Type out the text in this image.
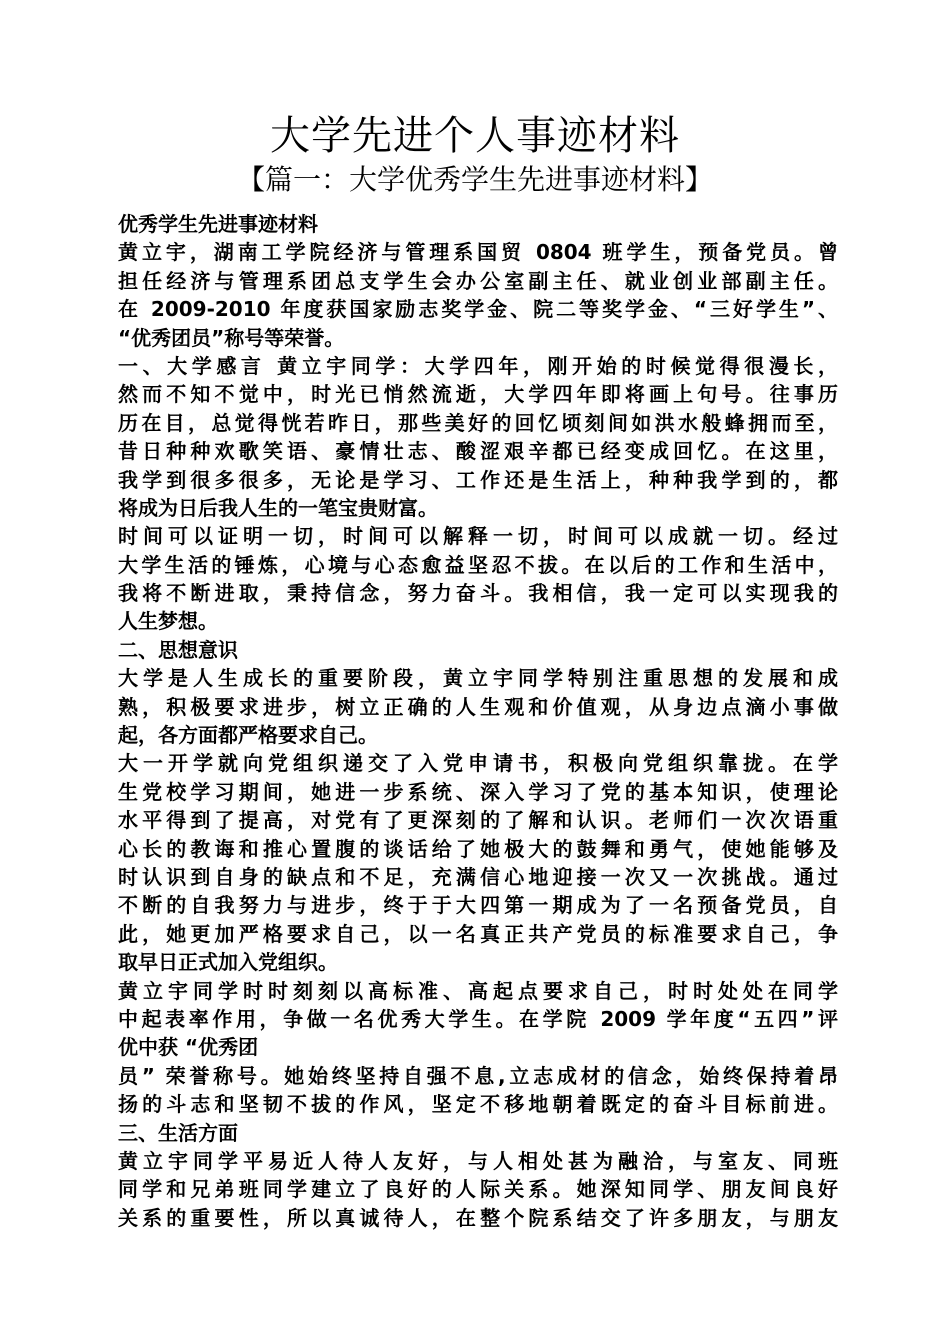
大学先进个人事迹材料
【篇一：大学优秀学生先进事迹材料】
优秀学生先进事迹材料
黄立宇，湖南工学院经济与管理系国贸 0804 班学生，预备党员。曾
担任经济与管理系团总支学生会办公室副主任、就业创业部副主任。
在 2009-2010 年度获国家励志奖学金、院二等奖学金、“三好学生”、
“优秀团员”称号等荣誉。
一、大学感言 黄立宇同学：大学四年，刚开始的时候觉得很漫长，
然而不知不觉中，时光已悄然流逝，大学四年即将画上句号。往事历
历在目，总觉得恍若昨日，那些美好的回忆顷刻间如洪水般蜂拥而至，
昔日种种欢歌笑语、豪情壮志、酸涩艰辛都已经变成回忆。在这里，
我学到很多很多，无论是学习、工作还是生活上，种种我学到的，都
将成为日后我人生的一笔宝贵财富。
时间可以证明一切，时间可以解释一切，时间可以成就一切。经过
大学生活的锤炼，心境与心态愈益坚忍不拔。在以后的工作和生活中，
我将不断进取，秉持信念，努力奋斗。我相信，我一定可以实现我的
人生梦想。
二、思想意识
大学是人生成长的重要阶段，黄立宇同学特别注重思想的发展和成
熟，积极要求进步，树立正确的人生观和价值观，从身边点滴小事做
起，各方面都严格要求自己。
大一开学就向党组织递交了入党申请书，积极向党组织靠拢。在学
生党校学习期间，她进一步系统、深入学习了党的基本知识，使理论
水平得到了提高，对党有了更深刻的了解和认识。老师们一次次语重
心长的教诲和推心置腹的谈话给了她极大的鼓舞和勇气，使她能够及
时认识到自身的缺点和不足，充满信心地迎接一次又一次挑战。通过
不断的自我努力与进步，终于于大四第一期成为了一名预备党员，自
此，她更加严格要求自己，以一名真正共产党员的标准要求自己，争
取早日正式加入党组织。
黄立宇同学时时刻刻以高标准、高起点要求自己，时时处处在同学
中起表率作用，争做一名优秀大学生。在学院 2009 学年度“五四”评
优中获 “优秀团
员” 荣誉称号。她始终坚持自强不息,立志成材的信念，始终保持着昂
扬的斗志和坚韧不拔的作风，坚定不移地朝着既定的奋斗目标前进。
三、生活方面
黄立宇同学平易近人待人友好，与人相处甚为融洽，与室友、同班
同学和兄弟班同学建立了良好的人际关系。她深知同学、朋友间良好
关系的重要性，所以真诚待人，在整个院系结交了许多朋友，与朋友
